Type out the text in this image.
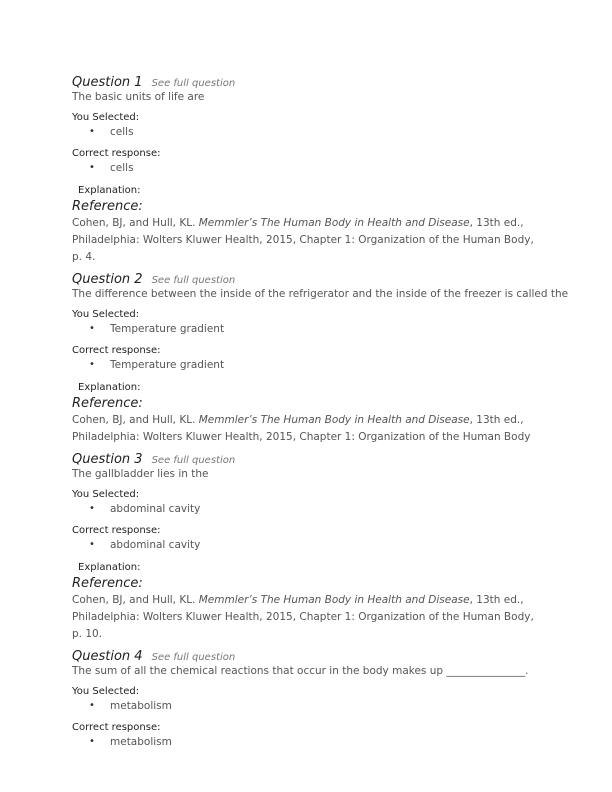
Question 1 See full question
The basic units of life are
You Selected:
• cells
Correct response:
• cells
Explanation:
Reference:
Cohen, BJ, and Hull, KL. Memmler’s The Human Body in Health and Disease, 13th ed.,
Philadelphia: Wolters Kluwer Health, 2015, Chapter 1: Organization of the Human Body, p. 4.
Question 2 See full question
The difference between the inside of the refrigerator and the inside of the freezer is called the
You Selected:
• Temperature gradient
Correct response:
• Temperature gradient
Explanation:
Reference:
Cohen, BJ, and Hull, KL. Memmler’s The Human Body in Health and Disease, 13th ed.,
Philadelphia: Wolters Kluwer Health, 2015, Chapter 1: Organization of the Human Body
Question 3 See full question
The gallbladder lies in the
You Selected:
• abdominal cavity
Correct response:
• abdominal cavity
Explanation:
Reference:
Cohen, BJ, and Hull, KL. Memmler’s The Human Body in Health and Disease, 13th ed.,
Philadelphia: Wolters Kluwer Health, 2015, Chapter 1: Organization of the Human Body, p. 10.
Question 4 See full question
The sum of all the chemical reactions that occur in the body makes up _______________.
You Selected:
• metabolism
Correct response:
• metabolism
